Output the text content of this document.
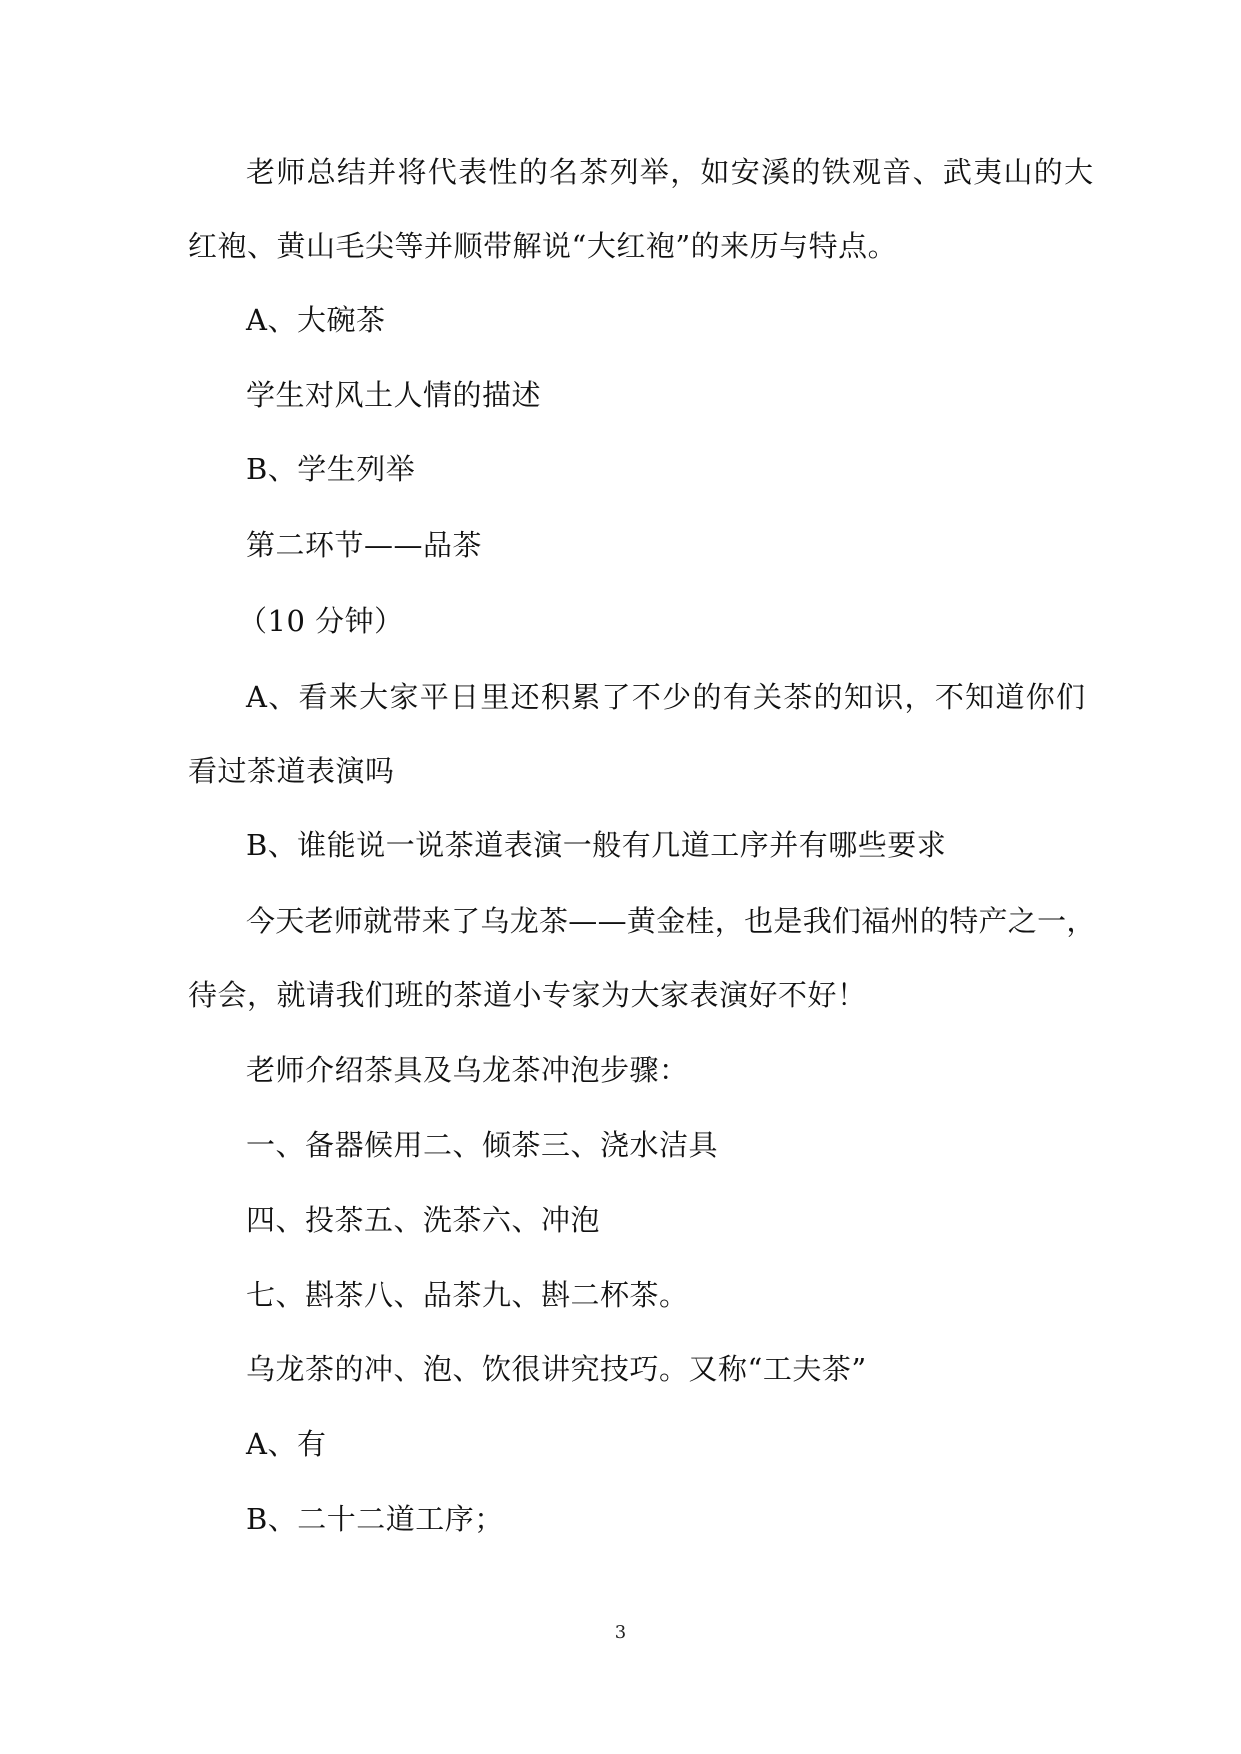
老师总结并将代表性的名茶列举，如安溪的铁观音、武夷山的大
红袍、黄山毛尖等并顺带解说“大红袍”的来历与特点。
A、大碗茶
学生对风土人情的描述
B、学生列举
第二环节——品茶
（10 分钟）
A、看来大家平日里还积累了不少的有关茶的知识，不知道你们
看过茶道表演吗
B、谁能说一说茶道表演一般有几道工序并有哪些要求
今天老师就带来了乌龙茶——黄金桂，也是我们福州的特产之一，
待会，就请我们班的茶道小专家为大家表演好不好！
老师介绍茶具及乌龙茶冲泡步骤：
一、备器候用二、倾茶三、浇水洁具
四、投茶五、洗茶六、冲泡
七、斟茶八、品茶九、斟二杯茶。
乌龙茶的冲、泡、饮很讲究技巧。又称“工夫茶”
A、有
B、二十二道工序；
3
